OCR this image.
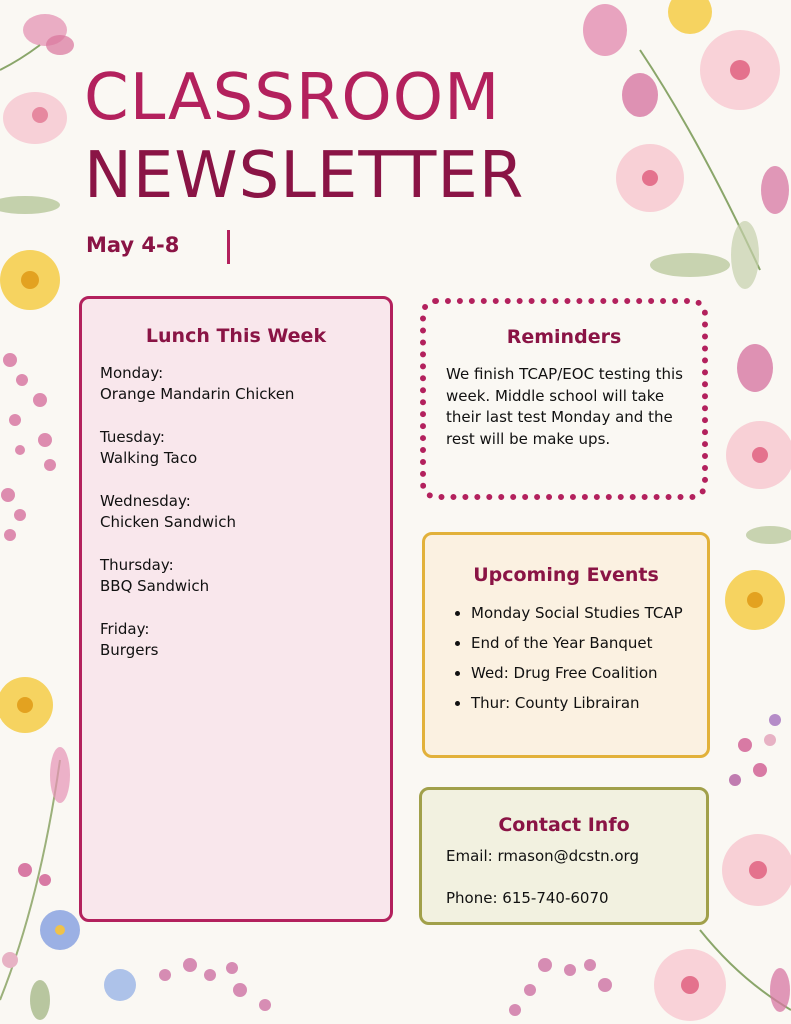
CLASSROOM
NEWSLETTER
May 4-8
Lunch This Week
Monday:
Orange Mandarin Chicken
Tuesday:
Walking Taco
Wednesday:
Chicken Sandwich
Thursday:
BBQ Sandwich
Friday:
Burgers
Reminders

We finish TCAP/EOC testing this week. Middle school will take their last test Monday and the rest will be make ups.

Upcoming Events
• Monday Social Studies TCAP
• End of the Year Banquet
• Wed: Drug Free Coalition
• Thur: County Librairan
Contact Info

Email: rmason@dcstn.org

Phone: 615-740-6070
